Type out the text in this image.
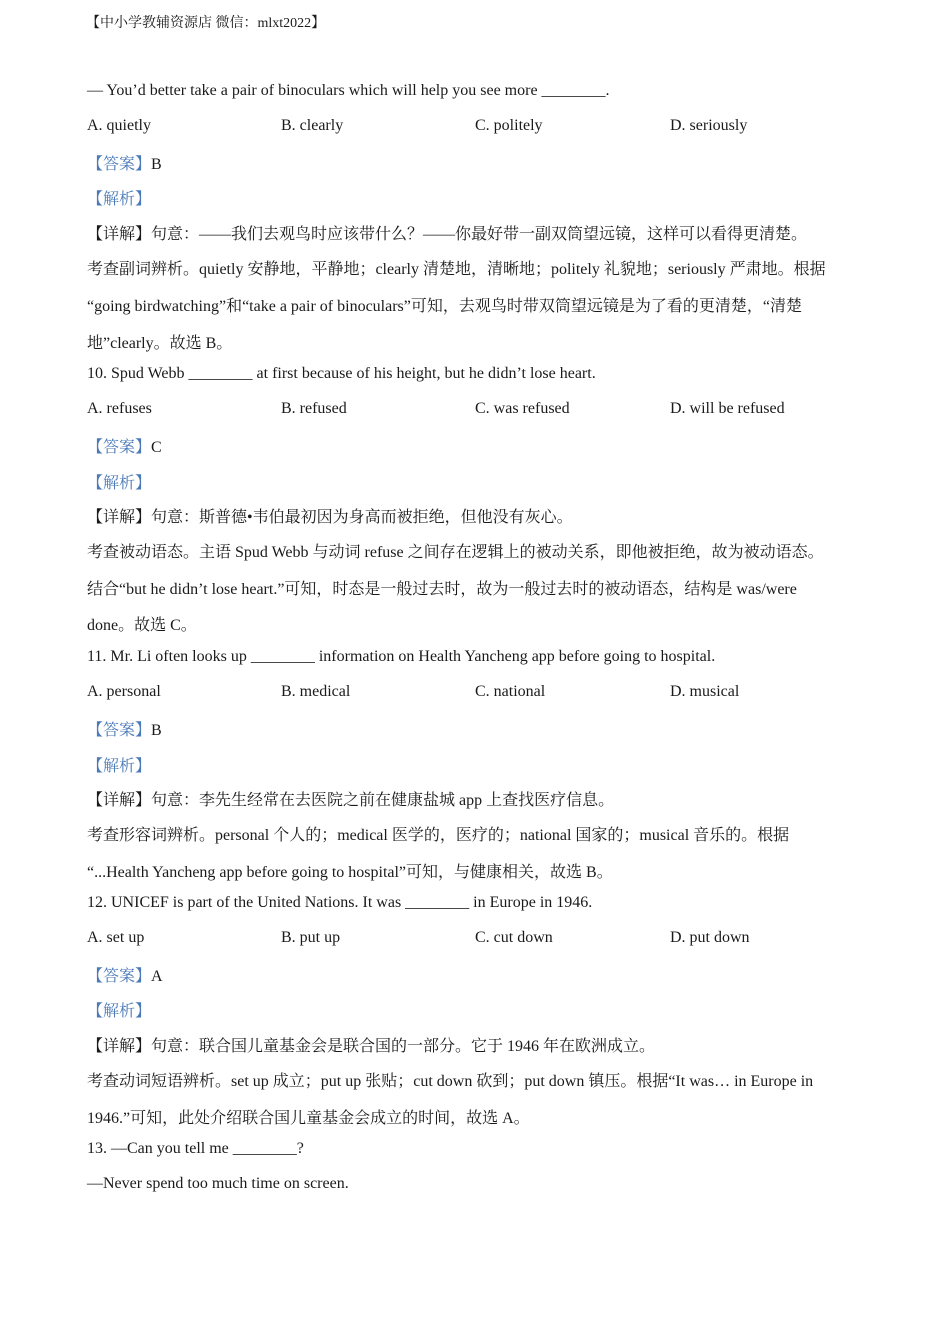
【中小学教辅资源店 微信：mlxt2022】
— You’d better take a pair of binoculars which will help you see more ________.
A. quietly	B. clearly	C. politely	D. seriously
【答案】B
【解析】
【详解】句意：——我们去观鸟时应该带什么？——你最好带一副双筒望远镜，这样可以看得更清楚。
考查副词辨析。quietly 安静地，平静地；clearly 清楚地，清晰地；politely 礼貌地；seriously 严肃地。根据
“going birdwatching”和“take a pair of binoculars”可知，去观鸟时带双筒望远镜是为了看的更清楚，“清楚
地”clearly。故选 B。
10. Spud Webb ________ at first because of his height, but he didn’t lose heart.
A. refuses	B. refused	C. was refused	D. will be refused
【答案】C
【解析】
【详解】句意：斯普德•韦伯最初因为身高而被拒绝，但他没有灰心。
考查被动语态。主语 Spud Webb 与动词 refuse 之间存在逻辑上的被动关系，即他被拒绝，故为被动语态。
结合“but he didn’t lose heart.”可知，时态是一般过去时，故为一般过去时的被动语态，结构是 was/were
done。故选 C。
11. Mr. Li often looks up ________ information on Health Yancheng app before going to hospital.
A. personal	B. medical	C. national	D. musical
【答案】B
【解析】
【详解】句意：李先生经常在去医院之前在健康盐城 app 上查找医疗信息。
考查形容词辨析。personal 个人的；medical 医学的，医疗的；national 国家的；musical 音乐的。根据
“...Health Yancheng app before going to hospital”可知，与健康相关，故选 B。
12. UNICEF is part of the United Nations. It was ________ in Europe in 1946.
A. set up	B. put up	C. cut down	D. put down
【答案】A
【解析】
【详解】句意：联合国儿童基金会是联合国的一部分。它于 1946 年在欧洲成立。
考查动词短语辨析。set up 成立；put up 张贴；cut down 砍到；put down 镇压。根据“It was… in Europe in
1946.”可知，此处介绍联合国儿童基金会成立的时间，故选 A。
13. —Can you tell me ________?
—Never spend too much time on screen.
